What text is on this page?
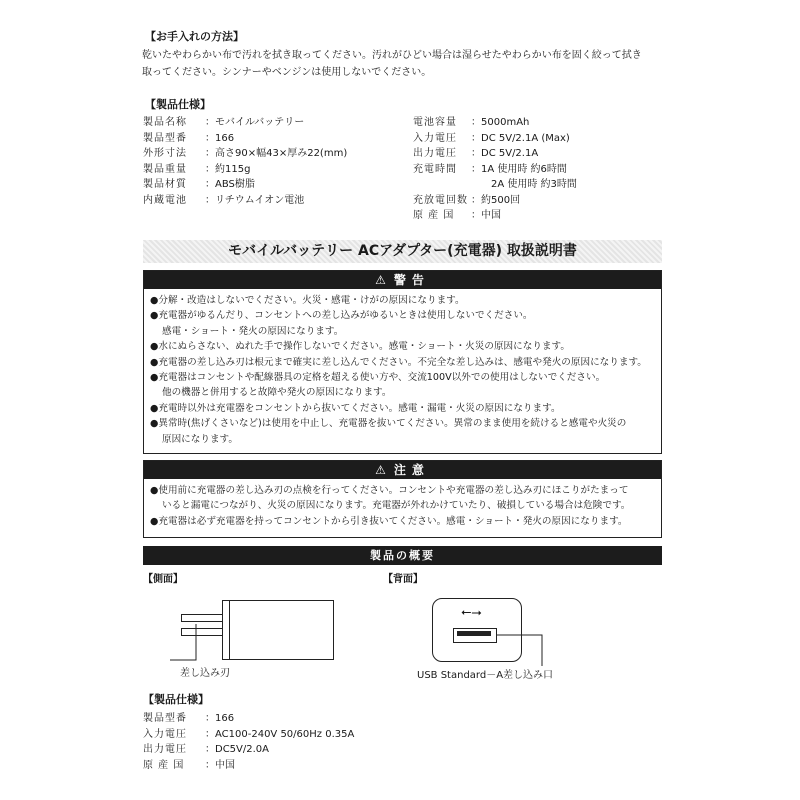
【お手入れの方法】
乾いたやわらかい布で汚れを拭き取ってください。汚れがひどい場合は湿らせたやわらかい布を固く絞って拭き
取ってください。シンナーやベンジンは使用しないでください。
【製品仕様】
製品名称 ：モバイルバッテリー
製品型番 ：166
外形寸法 ：高さ90×幅43×厚み22(mm)
製品重量 ：約115g
製品材質 ：ABS樹脂
内蔵電池 ：リチウムイオン電池
電池容量 ：5000mAh
入力電圧 ：DC 5V/2.1A (Max)
出力電圧 ：DC 5V/2.1A
充電時間 ：1A 使用時 約6時間
　2A 使用時 約3時間
充放電回数 ：約500回
原 産 国 ：中国
モバイルバッテリー ACアダプター(充電器) 取扱説明書
⚠ 警告
●分解・改造はしないでください。火災・感電・けがの原因になります。
●充電器がゆるんだり、コンセントへの差し込みがゆるいときは使用しないでください。
感電・ショート・発火の原因になります。
●水にぬらさない、ぬれた手で操作しないでください。感電・ショート・火災の原因になります。
●充電器の差し込み刃は根元まで確実に差し込んでください。不完全な差し込みは、感電や発火の原因になります。
●充電器はコンセントや配線器具の定格を超える使い方や、交流100V以外での使用はしないでください。
他の機器と併用すると故障や発火の原因になります。
●充電時以外は充電器をコンセントから抜いてください。感電・漏電・火災の原因になります。
●異常時(焦げくさいなど)は使用を中止し、充電器を抜いてください。異常のまま使用を続けると感電や火災の
原因になります。
⚠ 注意
●使用前に充電器の差し込み刃の点検を行ってください。コンセントや充電器の差し込み刃にほこりがたまって
いると漏電につながり、火災の原因になります。充電器が外れかけていたり、破損している場合は危険です。
●充電器は必ず充電器を持ってコンセントから引き抜いてください。感電・ショート・発火の原因になります。
製品の概要
【側面】	【背面】
差し込み刃
⭠⭢
USB Standard－A差し込み口
【製品仕様】
製品型番 ：166
入力電圧 ：AC100-240V 50/60Hz 0.35A
出力電圧 ：DC5V/2.0A
原 産 国 ：中国
